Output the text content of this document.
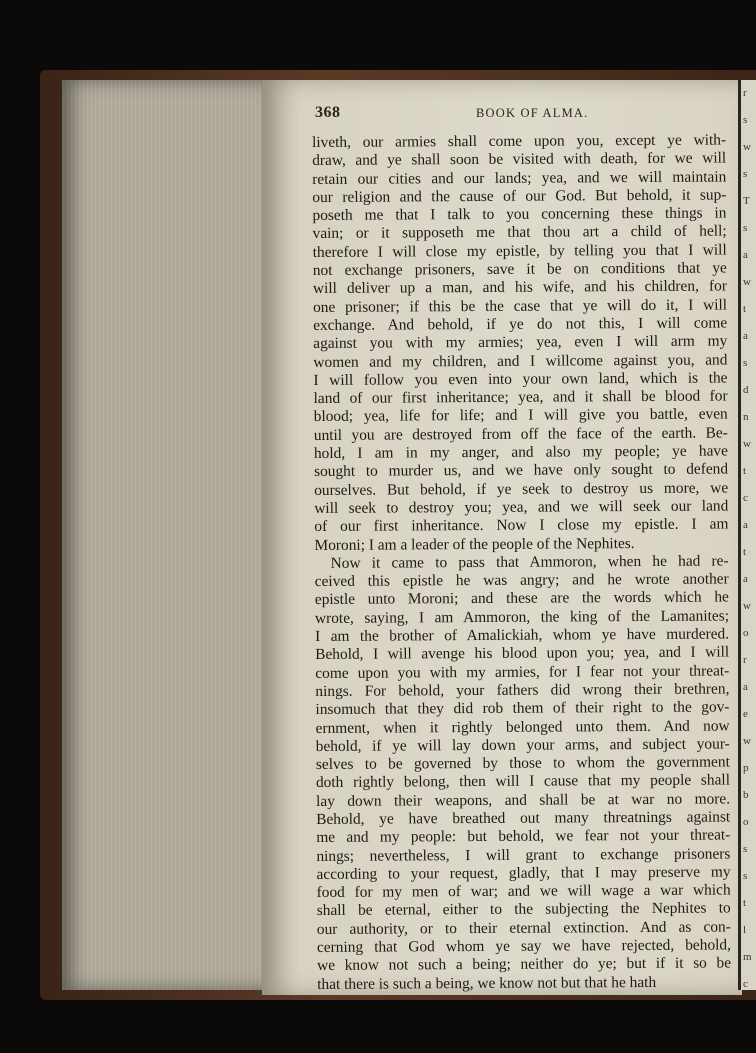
r
s
w
s
T
s
a
w
t
a
s
d
n
w
t
c
a
t
a
w
o
r
a
e
w
p
b
o
s
s
t
l
m
c
368	BOOK OF ALMA.
liveth, our armies shall come upon you, except ye with-
draw, and ye shall soon be visited with death, for we will
retain our cities and our lands; yea, and we will maintain
our religion and the cause of our God. But behold, it sup-
poseth me that I talk to you concerning these things in
vain; or it supposeth me that thou art a child of hell;
therefore I will close my epistle, by telling you that I will
not exchange prisoners, save it be on conditions that ye
will deliver up a man, and his wife, and his children, for
one prisoner; if this be the case that ye will do it, I will
exchange. And behold, if ye do not this, I will come
against you with my armies; yea, even I will arm my
women and my children, and I willcome against you, and
I will follow you even into your own land, which is the
land of our first inheritance; yea, and it shall be blood for
blood; yea, life for life; and I will give you battle, even
until you are destroyed from off the face of the earth. Be-
hold, I am in my anger, and also my people; ye have
sought to murder us, and we have only sought to defend
ourselves. But behold, if ye seek to destroy us more, we
will seek to destroy you; yea, and we will seek our land
of our first inheritance. Now I close my epistle. I am
Moroni; I am a leader of the people of the Nephites.
Now it came to pass that Ammoron, when he had re-
ceived this epistle he was angry; and he wrote another
epistle unto Moroni; and these are the words which he
wrote, saying, I am Ammoron, the king of the Lamanites;
I am the brother of Amalickiah, whom ye have murdered.
Behold, I will avenge his blood upon you; yea, and I will
come upon you with my armies, for I fear not your threat-
nings. For behold, your fathers did wrong their brethren,
insomuch that they did rob them of their right to the gov-
ernment, when it rightly belonged unto them. And now
behold, if ye will lay down your arms, and subject your-
selves to be governed by those to whom the government
doth rightly belong, then will I cause that my people shall
lay down their weapons, and shall be at war no more.
Behold, ye have breathed out many threatnings against
me and my people: but behold, we fear not your threat-
nings; nevertheless, I will grant to exchange prisoners
according to your request, gladly, that I may preserve my
food for my men of war; and we will wage a war which
shall be eternal, either to the subjecting the Nephites to
our authority, or to their eternal extinction. And as con-
cerning that God whom ye say we have rejected, behold,
we know not such a being; neither do ye; but if it so be
that there is such a being, we know not but that he hath
